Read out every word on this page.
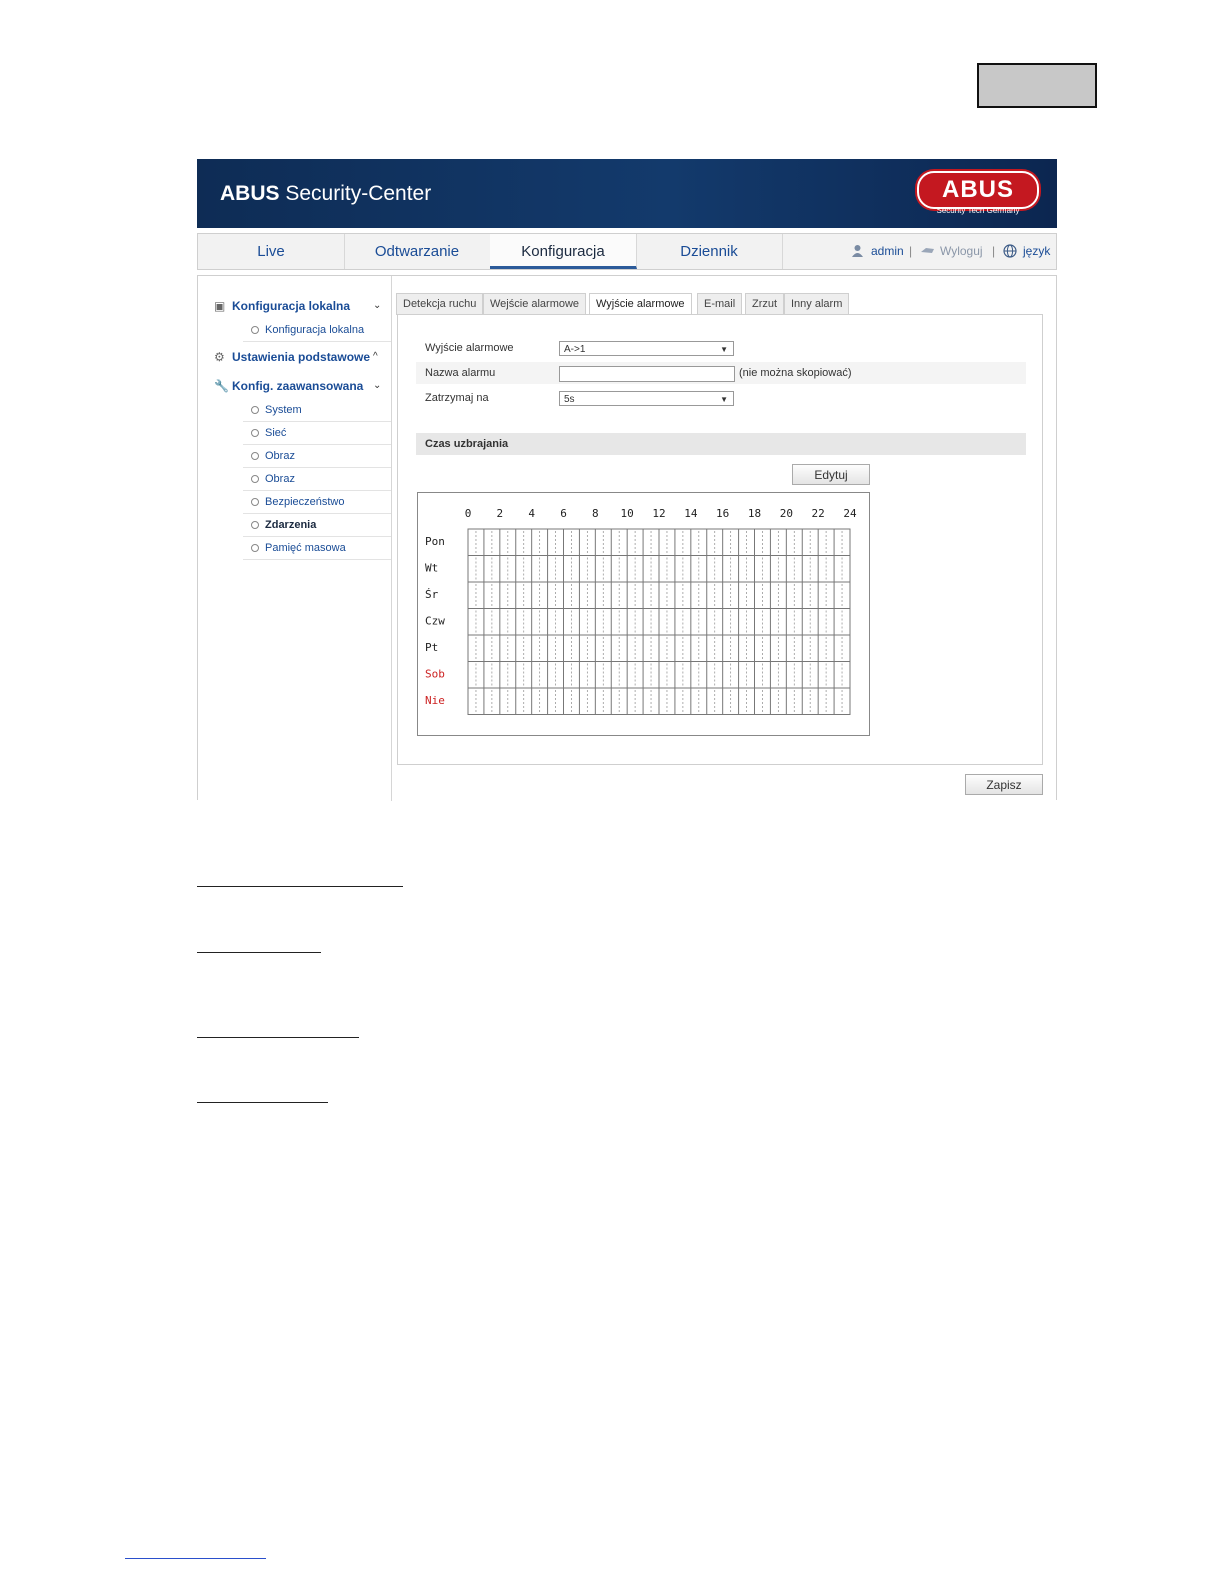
ABUS Security-Center	ABUS
Security Tech Germany
Live	Odtwarzanie	Konfiguracja	Dziennik	admin | Wyloguj | język
▣ Konfiguracja lokalna ⌄
Konfiguracja lokalna
⚙ Ustawienia podstawowe ^
🔧 Konfig. zaawansowana ⌄
System
Sieć
Obraz
Obraz
Bezpieczeństwo
Zdarzenia
Pamięć masowa
Detekcja ruchu	Wejście alarmowe	Wyjście alarmowe	E-mail	Zrzut	Inny alarm
Wyjście alarmowe	A->1	▼
Nazwa alarmu	(nie można skopiować)
Zatrzymaj na	5s	▼
Czas uzbrajania
Edytuj
0 2 4 6 8 10 12 14 16 18 20 22 24
Pon
Wt
Śr
Czw
Pt
Sob
Nie
Zapisz
